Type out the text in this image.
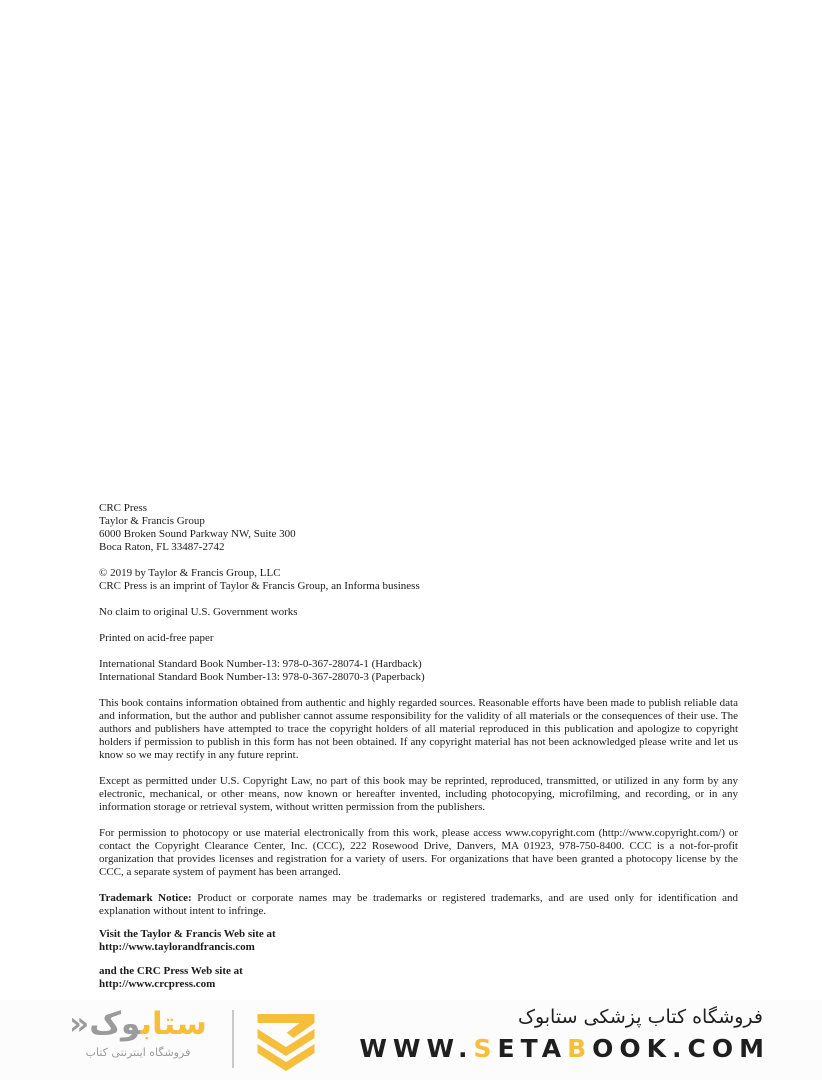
CRC Press
Taylor & Francis Group
6000 Broken Sound Parkway NW, Suite 300
Boca Raton, FL 33487-2742
© 2019 by Taylor & Francis Group, LLC
CRC Press is an imprint of Taylor & Francis Group, an Informa business
No claim to original U.S. Government works
Printed on acid-free paper
International Standard Book Number-13: 978-0-367-28074-1 (Hardback)
International Standard Book Number-13: 978-0-367-28070-3 (Paperback)

This book contains information obtained from authentic and highly regarded sources. Reasonable efforts have been made to publish reliable data and information, but the author and publisher cannot assume responsibility for the validity of all materials or the consequences of their use. The authors and publishers have attempted to trace the copyright holders of all material reproduced in this publication and apologize to copyright holders if permission to publish in this form has not been obtained. If any copyright material has not been acknowledged please write and let us know so we may rectify in any future reprint.

Except as permitted under U.S. Copyright Law, no part of this book may be reprinted, reproduced, transmitted, or utilized in any form by any electronic, mechanical, or other means, now known or hereafter invented, including photocopying, microfilming, and recording, or in any information storage or retrieval system, without written permission from the publishers.

For permission to photocopy or use material electronically from this work, please access www.copyright.com (http://www.copyright.com/) or contact the Copyright Clearance Center, Inc. (CCC), 222 Rosewood Drive, Danvers, MA 01923, 978-750-8400. CCC is a not-for-profit organization that provides licenses and registration for a variety of users. For organizations that have been granted a photocopy license by the CCC, a separate system of payment has been arranged.

Trademark Notice: Product or corporate names may be trademarks or registered trademarks, and are used only for identification and explanation without intent to infringe.

Visit the Taylor & Francis Web site at
http://www.taylorandfrancis.com
and the CRC Press Web site at
http://www.crcpress.com
ستابوک«
فروشگاه اینترنتی کتاب
فروشگاه کتاب پزشکی ستابوک
WWW.SETABOOK.COM
